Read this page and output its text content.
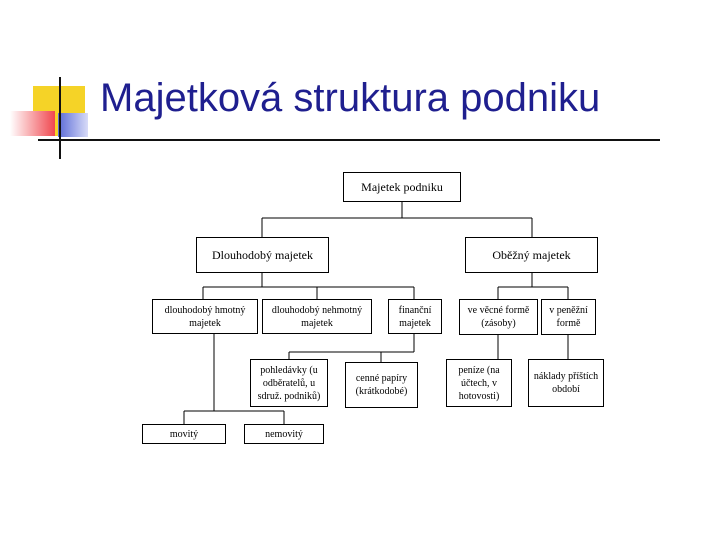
Majetková struktura podniku
Majetek podniku
Dlouhodobý majetek	Oběžný majetek
dlouhodobý hmotný majetek
dlouhodobý nehmotný majetek
finanční majetek
ve věcné formě (zásoby)
v peněžní formě
pohledávky (u odběratelů, u sdruž. podniků)
cenné papíry (krátkodobé)
peníze (na účtech, v hotovosti)
náklady příštích období
movitý	nemovitý
